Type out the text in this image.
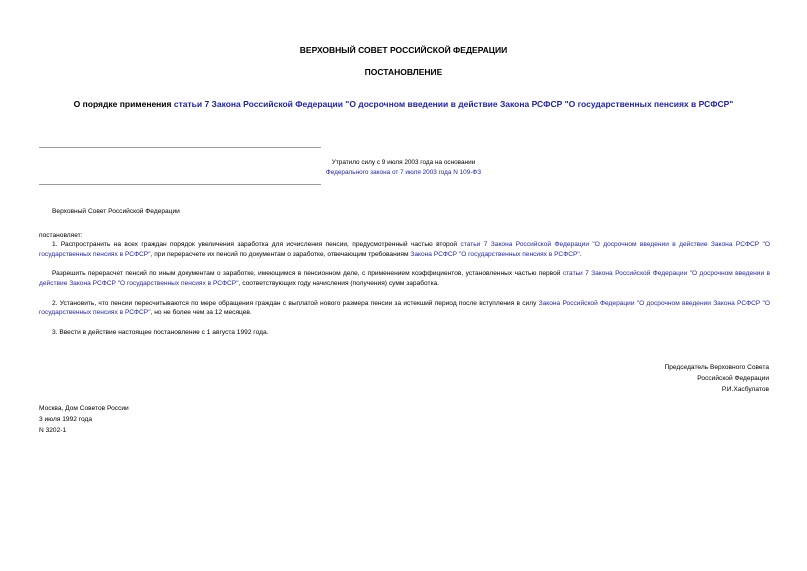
ВЕРХОВНЫЙ СОВЕТ РОССИЙСКОЙ ФЕДЕРАЦИИ
ПОСТАНОВЛЕНИЕ
О порядке применения статьи 7 Закона Российской Федерации "О досрочном введении в действие Закона РСФСР "О государственных пенсиях в РСФСР"
Утратило силу с 9 июля 2003 года на основании
Федерального закона от 7 июля 2003 года N 109-ФЗ

Верховный Совет Российской Федерации

постановляет:

1. Распространить на всех граждан порядок увеличения заработка для исчисления пенсии, предусмотренный частью второй статьи 7 Закона Российской Федерации "О досрочном введении в действие Закона РСФСР "О государственных пенсиях в РСФСР", при перерасчете их пенсий по документам о заработке, отвечающим требованиям Закона РСФСР "О государственных пенсиях в РСФСР".

Разрешить перерасчет пенсий по иным документам о заработке, имеющимся в пенсионном деле, с применением коэффициентов, установленных частью первой статьи 7 Закона Российской Федерации "О досрочном введении в действие Закона РСФСР "О государственных пенсиях в РСФСР", соответствующих году начисления (получения) сумм заработка.

2. Установить, что пенсии пересчитываются по мере обращения граждан с выплатой нового размера пенсии за истекший период после вступления в силу Закона Российской Федерации "О досрочном введении Закона РСФСР "О государственных пенсиях в РСФСР", но не более чем за 12 месяцев.

3. Ввести в действие настоящее постановление с 1 августа 1992 года.

Председатель Верховного Совета
Российской Федерации
Р.И.Хасбулатов
Москва, Дом Советов России
3 июля 1992 года
N 3202-1
